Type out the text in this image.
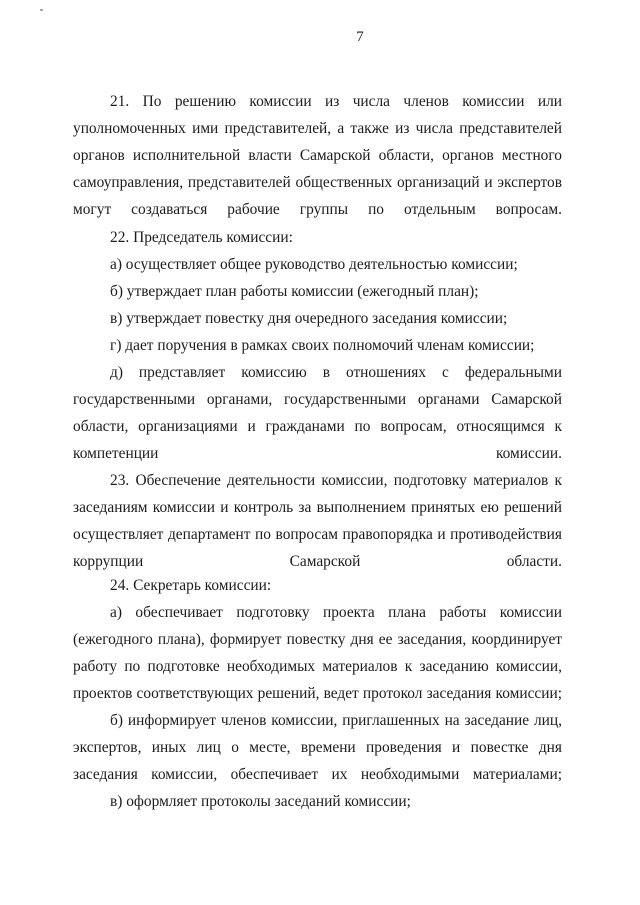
7

21. По решению комиссии из числа членов комиссии или уполномоченных ими представителей, а также из числа представителей органов исполнительной власти Самарской области, органов местного самоуправления, представителей общественных организаций и экспертов могут создаваться рабочие группы по отдельным вопросам.

22. Председатель комиссии:

а) осуществляет общее руководство деятельностью комиссии;

б) утверждает план работы комиссии (ежегодный план);

в) утверждает повестку дня очередного заседания комиссии;

г) дает поручения в рамках своих полномочий членам комиссии;

д) представляет комиссию в отношениях с федеральными государственными органами, государственными органами Самарской области, организациями и гражданами по вопросам, относящимся к компетенции комиссии.

23. Обеспечение деятельности комиссии, подготовку материалов к заседаниям комиссии и контроль за выполнением принятых ею решений осуществляет департамент по вопросам правопорядка и противодействия коррупции Самарской области.

24. Секретарь комиссии:

а) обеспечивает подготовку проекта плана работы комиссии (ежегодного плана), формирует повестку дня ее заседания, координирует работу по подготовке необходимых материалов к заседанию комиссии, проектов соответствующих решений, ведет протокол заседания комиссии;

б) информирует членов комиссии, приглашенных на заседание лиц, экспертов, иных лиц о месте, времени проведения и повестке дня заседания комиссии, обеспечивает их необходимыми материалами;

в) оформляет протоколы заседаний комиссии;
